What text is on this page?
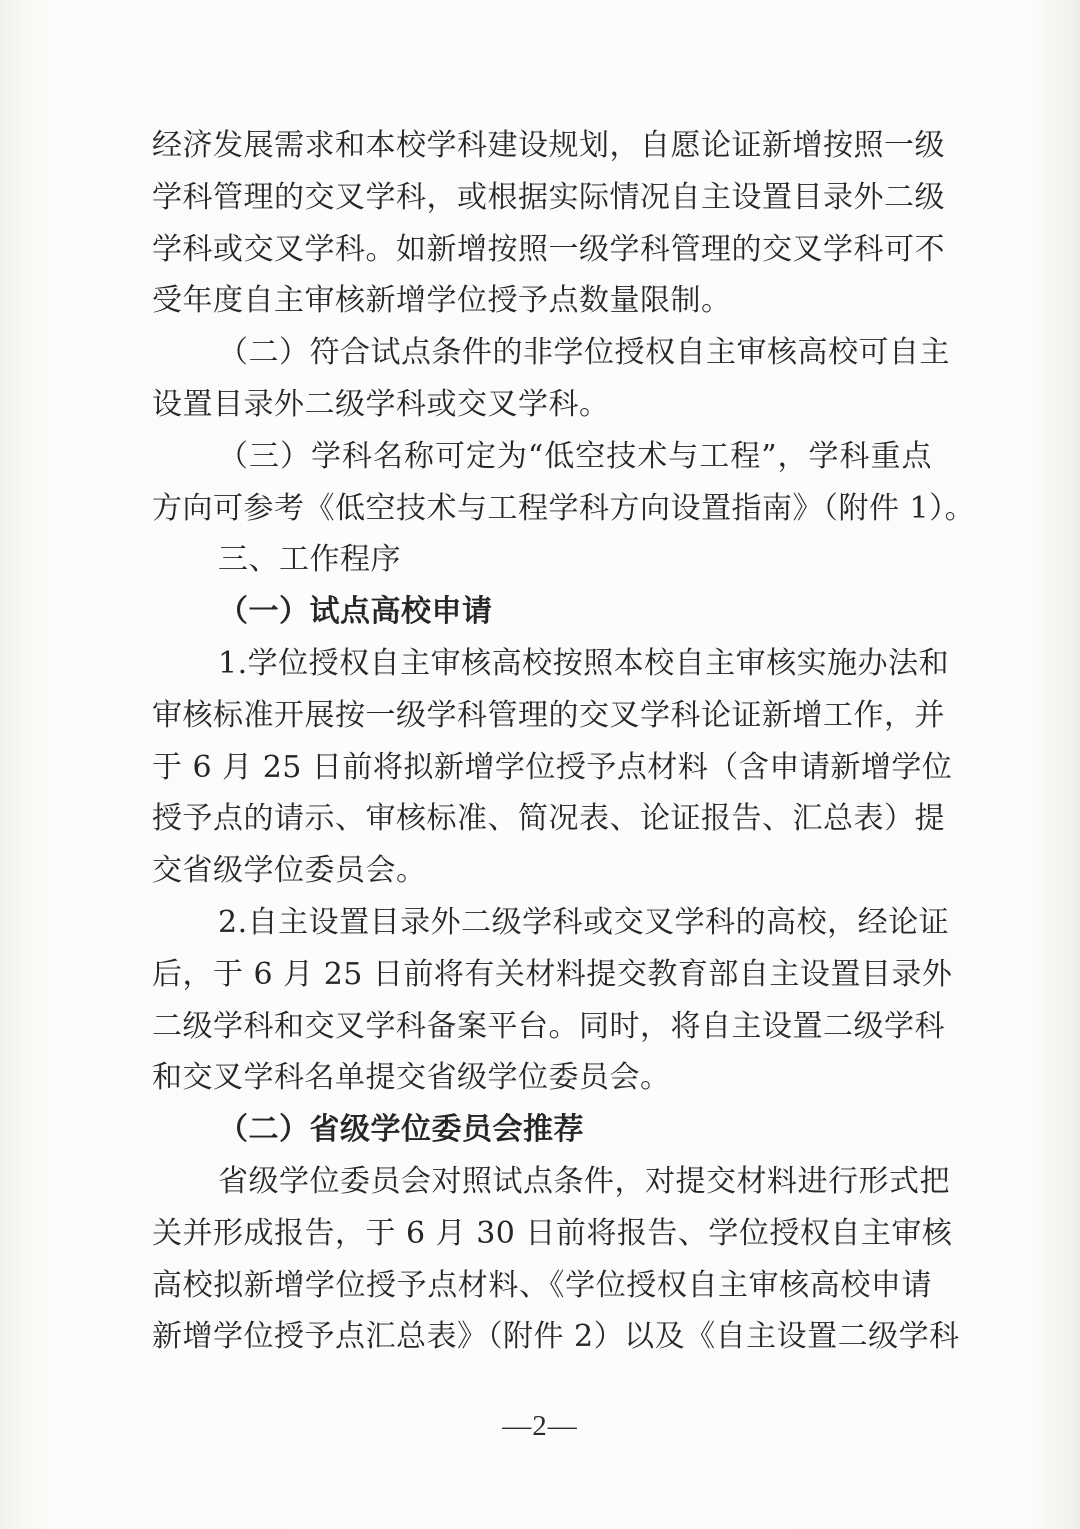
经济发展需求和本校学科建设规划，自愿论证新增按照一级
学科管理的交叉学科，或根据实际情况自主设置目录外二级
学科或交叉学科。如新增按照一级学科管理的交叉学科可不
受年度自主审核新增学位授予点数量限制。
（二）符合试点条件的非学位授权自主审核高校可自主
设置目录外二级学科或交叉学科。
（三）学科名称可定为“低空技术与工程”，学科重点
方向可参考《低空技术与工程学科方向设置指南》（附件 1）。
三、工作程序
（一）试点高校申请
1.学位授权自主审核高校按照本校自主审核实施办法和
审核标准开展按一级学科管理的交叉学科论证新增工作，并
于 6 月 25 日前将拟新增学位授予点材料（含申请新增学位
授予点的请示、审核标准、简况表、论证报告、汇总表）提
交省级学位委员会。
2.自主设置目录外二级学科或交叉学科的高校，经论证
后，于 6 月 25 日前将有关材料提交教育部自主设置目录外
二级学科和交叉学科备案平台。同时，将自主设置二级学科
和交叉学科名单提交省级学位委员会。
（二）省级学位委员会推荐
省级学位委员会对照试点条件，对提交材料进行形式把
关并形成报告，于 6 月 30 日前将报告、学位授权自主审核
高校拟新增学位授予点材料、《学位授权自主审核高校申请
新增学位授予点汇总表》（附件 2）以及《自主设置二级学科
—2—
